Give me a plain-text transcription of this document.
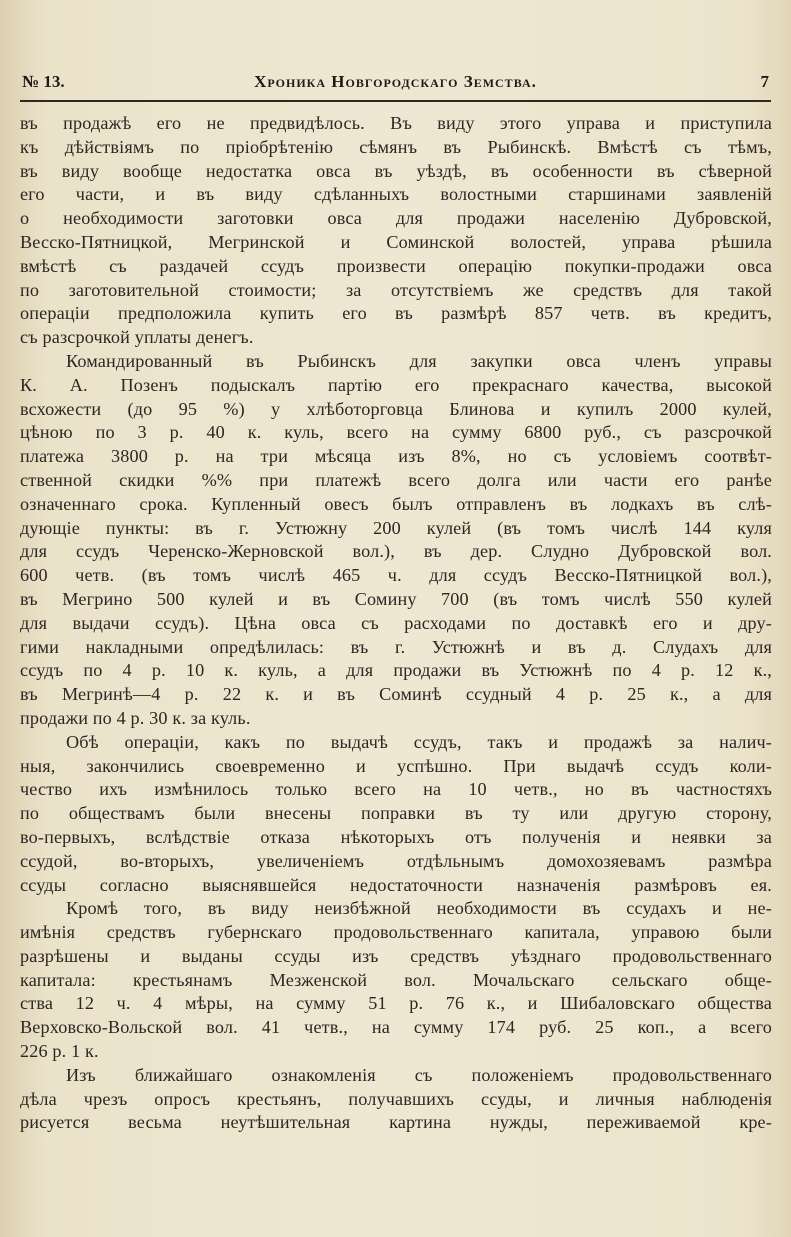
№ 13.	Хроника Новгородскаго Земства.	7
въ продажѣ его не предвидѣлось. Въ виду этого управа и приступила
къ дѣйствiямъ по прiобрѣтенiю сѣмянъ въ Рыбинскѣ. Вмѣстѣ съ тѣмъ,
въ виду вообще недостатка овса въ уѣздѣ, въ особенности въ сѣверной
его части, и въ виду сдѣланныхъ волостными старшинами заявленiй
о необходимости заготовки овса для продажи населенiю Дубровской,
Весско-Пятницкой, Мегринской и Соминской волостей, управа рѣшила
вмѣстѣ съ раздачей ссудъ произвести операцiю покупки-продажи овса
по заготовительной стоимости; за отсутствiемъ же средствъ для такой
операцiи предположила купить его въ размѣрѣ 857 четв. въ кредитъ,
съ разсрочкой уплаты денегъ.
Командированный въ Рыбинскъ для закупки овса членъ управы
К. А. Позенъ подыскалъ партiю его прекраснаго качества, высокой
всхожести (до 95 %) у хлѣботорговца Блинова и купилъ 2000 кулей,
цѣною по 3 р. 40 к. куль, всего на сумму 6800 руб., съ разсрочкой
платежа 3800 р. на три мѣсяца изъ 8%, но съ условiемъ соотвѣт-
ственной скидки %% при платежѣ всего долга или части его ранѣе
означеннаго срока. Купленный овесъ былъ отправленъ въ лодкахъ въ слѣ-
дующiе пункты: въ г. Устюжну 200 кулей (въ томъ числѣ 144 куля
для ссудъ Черенско-Жерновской вол.), въ дер. Слудно Дубровской вол.
600 четв. (въ томъ числѣ 465 ч. для ссудъ Весско-Пятницкой вол.),
въ Мегрино 500 кулей и въ Сомину 700 (въ томъ числѣ 550 кулей
для выдачи ссудъ). Цѣна овса съ расходами по доставкѣ его и дру-
гими накладными опредѣлилась: въ г. Устюжнѣ и въ д. Слудахъ для
ссудъ по 4 р. 10 к. куль, а для продажи въ Устюжнѣ по 4 р. 12 к.,
въ Мегринѣ—4 р. 22 к. и въ Соминѣ ссудный 4 р. 25 к., а для
продажи по 4 р. 30 к. за куль.
Обѣ операцiи, какъ по выдачѣ ссудъ, такъ и продажѣ за налич-
ныя, закончились своевременно и успѣшно. При выдачѣ ссудъ коли-
чество ихъ измѣнилось только всего на 10 четв., но въ частностяхъ
по обществамъ были внесены поправки въ ту или другую сторону,
во-первыхъ, вслѣдствiе отказа нѣкоторыхъ отъ полученiя и неявки за
ссудой, во-вторыхъ, увеличенiемъ отдѣльнымъ домохозяевамъ размѣра
ссуды согласно выяснявшейся недостаточности назначенiя размѣровъ ея.
Кромѣ того, въ виду неизбѣжной необходимости въ ссудахъ и не-
имѣнiя средствъ губернскаго продовольственнаго капитала, управою были
разрѣшены и выданы ссуды изъ средствъ уѣзднаго продовольственнаго
капитала: крестьянамъ Мезженской вол. Мочальскаго сельскаго обще-
ства 12 ч. 4 мѣры, на сумму 51 р. 76 к., и Шибаловскаго общества
Верховско-Вольской вол. 41 четв., на сумму 174 руб. 25 коп., а всего
226 р. 1 к.
Изъ ближайшаго ознакомленiя съ положенiемъ продовольственнаго
дѣла чрезъ опросъ крестьянъ, получавшихъ ссуды, и личныя наблюденiя
рисуется весьма неутѣшительная картина нужды, переживаемой кре-
